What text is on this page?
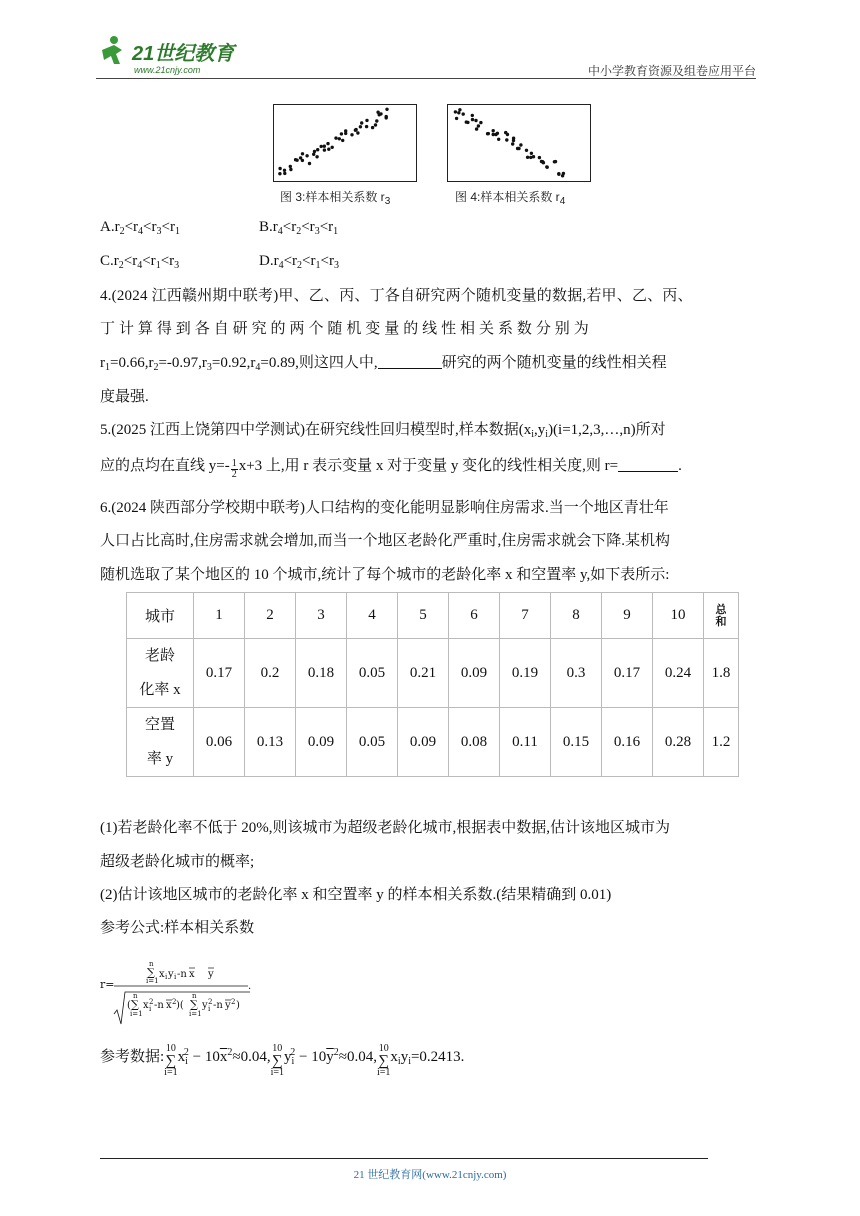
21世纪教育
www.21cnjy.com	中小学教育资源及组卷应用平台
图 3:样本相关系数 $r_3$	图 4:样本相关系数 $r_4$
$A.r_2<r_4<r_3<r_1$	$B.r_4<r_2<r_3<r_1$
$C.r_2<r_4<r_1<r_3$	$D.r_4<r_2<r_1<r_3$
4.(2024 江西赣州期中联考)甲、乙、丙、丁各自研究两个随机变量的数据,若甲、乙、丙、
丁 计 算 得 到 各 自 研 究 的 两 个 随 机 变 量 的 线 性 相 关 系 数 分 别 为
$r_1=0.66,r_2=-0.97,r_3=0.92,r_4=0.89$,则这四人中,	研究的两个随机变量的线性相关程
度最强.
5.(2025 江西上饶第四中学测试)在研究线性回归模型时,样本数据$(x_i,y_i)(i=1,2,3,\dots,n)$所对
应的点均在直线 $y=- \frac{1}{2} x+3$ 上,用 r 表示变量 x 对于变量 y 变化的线性相关度,则 r=	.
6.(2024 陕西部分学校期中联考)人口结构的变化能明显影响住房需求.当一个地区青壮年
人口占比高时,住房需求就会增加,而当一个地区老龄化严重时,住房需求就会下降.某机构
随机选取了某个地区的 10 个城市,统计了每个城市的老龄化率 x 和空置率 y,如下表所示:
城市	1	2	3	4	5	6	7	8	9	10	总
和

老龄
化率 x	0.17	0.2	0.18	0.05	0.21	0.09	0.19	0.3	0.17	0.24	1.8

空置
率 y	0.06	0.13	0.09	0.05	0.09	0.08	0.11	0.15	0.16	0.28	1.2
(1)若老龄化率不低于 20%,则该城市为超级老龄化城市,根据表中数据,估计该地区城市为
超级老龄化城市的概率;
(2)估计该地区城市的老龄化率 x 和空置率 y 的样本相关系数.(结果精确到 0.01)
参考公式:样本相关系数
r=
n
∑
i=1
x i y i -n x y
.
(
n
∑
i=1
x 2
i -n x 2 )(
n
∑
i=1
y 2
i -n y 2 )
参考数据:10
∑
$i=1x_i^2 - 10\overline{x}^2\approx 0.04,10$
∑
$i=1y_i^2 - 10\overline{y}^2\approx 0.04,10$
∑
$i=1x_iy_i=0.2413$.
21 世纪教育网(www.21cnjy.com)
